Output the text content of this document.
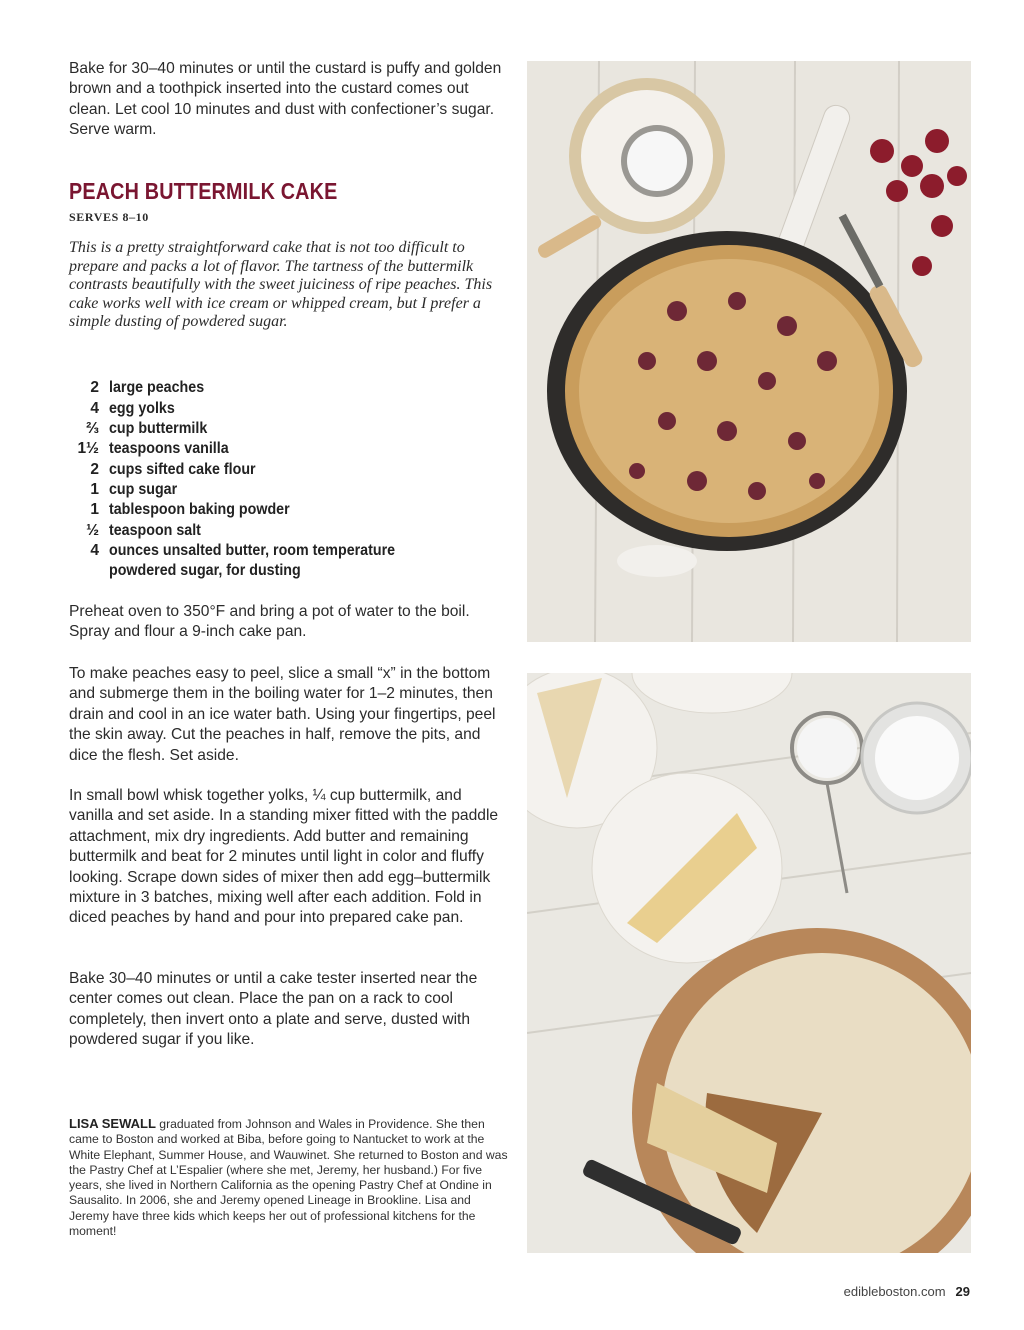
Bake for 30–40 minutes or until the custard is puffy and golden brown and a toothpick inserted into the custard comes out clean. Let cool 10 minutes and dust with confectioner’s sugar. Serve warm.

PEACH BUTTERMILK CAKE

SERVES 8–10

This is a pretty straightforward cake that is not too difficult to prepare and packs a lot of flavor. The tartness of the buttermilk contrasts beautifully with the sweet juiciness of ripe peaches. This cake works well with ice cream or whipped cream, but I prefer a simple dusting of powdered sugar.

2 large peaches
4 egg yolks
⅔ cup buttermilk
1½ teaspoons vanilla
2 cups sifted cake flour
1 cup sugar
1 tablespoon baking powder
½ teaspoon salt
4 ounces unsalted butter, room temperature
powdered sugar, for dusting

Preheat oven to 350°F and bring a pot of water to the boil. Spray and flour a 9-inch cake pan.

To make peaches easy to peel, slice a small “x” in the bottom and submerge them in the boiling water for 1–2 minutes, then drain and cool in an ice water bath. Using your fingertips, peel the skin away. Cut the peaches in half, remove the pits, and dice the flesh. Set aside.

In small bowl whisk together yolks, ¼ cup buttermilk, and vanilla and set aside. In a standing mixer fitted with the paddle attachment, mix dry ingredients. Add butter and remaining buttermilk and beat for 2 minutes until light in color and fluffy looking. Scrape down sides of mixer then add egg–buttermilk mixture in 3 batches, mixing well after each addition. Fold in diced peaches by hand and pour into prepared cake pan.

Bake 30–40 minutes or until a cake tester inserted near the center comes out clean. Place the pan on a rack to cool completely, then invert onto a plate and serve, dusted with powdered sugar if you like.

LISA SEWALL graduated from Johnson and Wales in Providence. She then came to Boston and worked at Biba, before going to Nantucket to work at the White Elephant, Summer House, and Wauwinet. She returned to Boston and was the Pastry Chef at L’Espalier (where she met, Jeremy, her husband.) For five years, she lived in Northern California as the opening Pastry Chef at Ondine in Sausalito. In 2006, she and Jeremy opened Lineage in Brookline. Lisa and Jeremy have three kids which keeps her out of professional kitchens for the moment!

edibleboston.com 29
